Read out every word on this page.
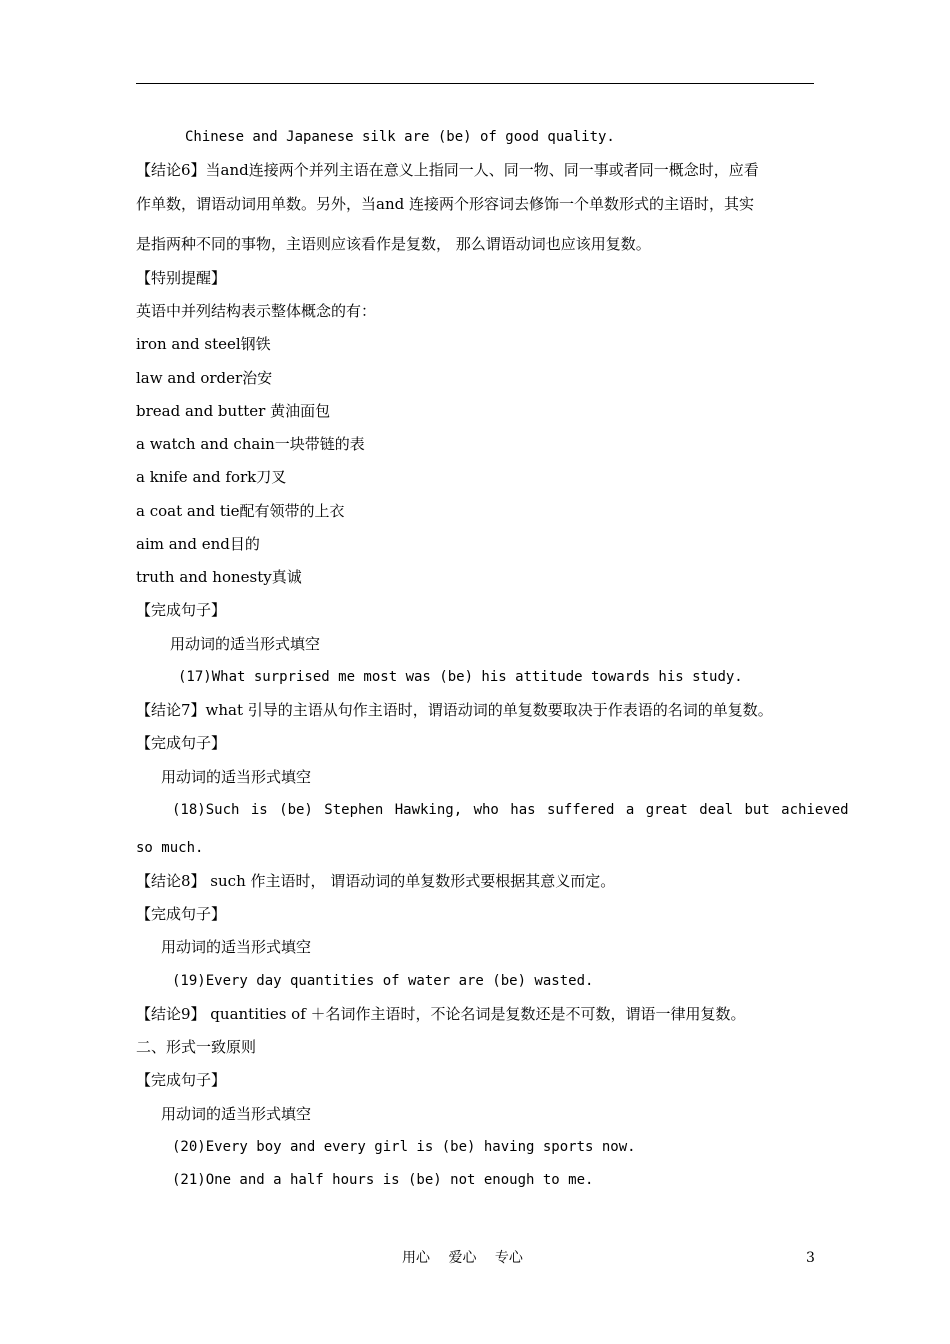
Chinese and Japanese silk are (be) of good quality.
【结论6】当and连接两个并列主语在意义上指同一人、同一物、同一事或者同一概念时，应看
作单数，谓语动词用单数。另外，当and 连接两个形容词去修饰一个单数形式的主语时，其实
是指两种不同的事物，主语则应该看作是复数， 那么谓语动词也应该用复数。
【特别提醒】
英语中并列结构表示整体概念的有：
iron and steel钢铁
law and order治安
bread and butter 黄油面包
a watch and chain一块带链的表
a knife and fork刀叉
a coat and tie配有领带的上衣
aim and end目的
truth and honesty真诚
【完成句子】
用动词的适当形式填空
(17)What surprised me most was (be) his attitude towards his study.
【结论7】what 引导的主语从句作主语时，谓语动词的单复数要取决于作表语的名词的单复数。
【完成句子】
用动词的适当形式填空
(18)Such is (be) Stephen Hawking, who has suffered a great deal but achieved
so much.
【结论8】 such 作主语时， 谓语动词的单复数形式要根据其意义而定。
【完成句子】
用动词的适当形式填空
(19)Every day quantities of water are (be) wasted.
【结论9】 quantities of ＋名词作主语时，不论名词是复数还是不可数，谓语一律用复数。
二、形式一致原则
【完成句子】
用动词的适当形式填空
(20)Every boy and every girl is (be) having sports now.
(21)One and a half hours is (be) not enough to me.
用心 爱心 专心	3
